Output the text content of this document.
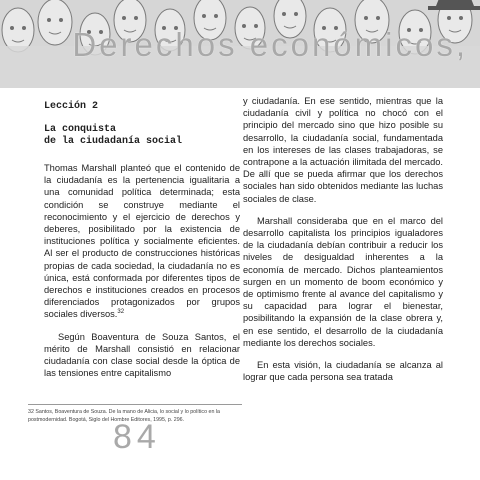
Derechos económicos,
Lección 2
La conquista
de la ciudadanía social

Thomas Marshall planteó que el contenido de la ciudadanía es la pertenencia igualitaria a una comunidad política determinada; esta condición se construye mediante el reconocimiento y el ejercicio de derechos y deberes, posibilitado por la existencia de instituciones política y socialmente eficientes. Al ser el producto de construcciones históricas propias de cada sociedad, la ciudadanía no es única, está conformada por diferentes tipos de derechos e instituciones creados en procesos diferenciados protagonizados por grupos sociales diversos.$^{32}$

Según Boaventura de Souza Santos, el mérito de Marshall consistió en relacionar ciudadanía con clase social desde la óptica de las tensiones entre capitalismo

y ciudadanía. En ese sentido, mientras que la ciudadanía civil y política no chocó con el principio del mercado sino que hizo posible su desarrollo, la ciudadanía social, fundamentada en los intereses de las clases trabajadoras, se contrapone a la actuación ilimitada del mercado. De allí que se pueda afirmar que los derechos sociales han sido obtenidos mediante las luchas sociales de clase.

Marshall consideraba que en el marco del desarrollo capitalista los principios igualadores de la ciudadanía debían contribuir a reducir los niveles de desigualdad inherentes a la economía de mercado. Dichos planteamientos surgen en un momento de boom económico y de optimismo frente al avance del capitalismo y su capacidad para lograr el bienestar, posibilitando la expansión de la clase obrera y, en ese sentido, el desarrollo de la ciudadanía mediante los derechos sociales.

En esta visión, la ciudadanía se alcanza al lograr que cada persona sea tratada

32 Santos, Boaventura de Souza. De la mano de Alicia, lo social y lo político en la postmodernidad. Bogotá, Siglo del Hombre Editores, 1995, p. 296.
84
